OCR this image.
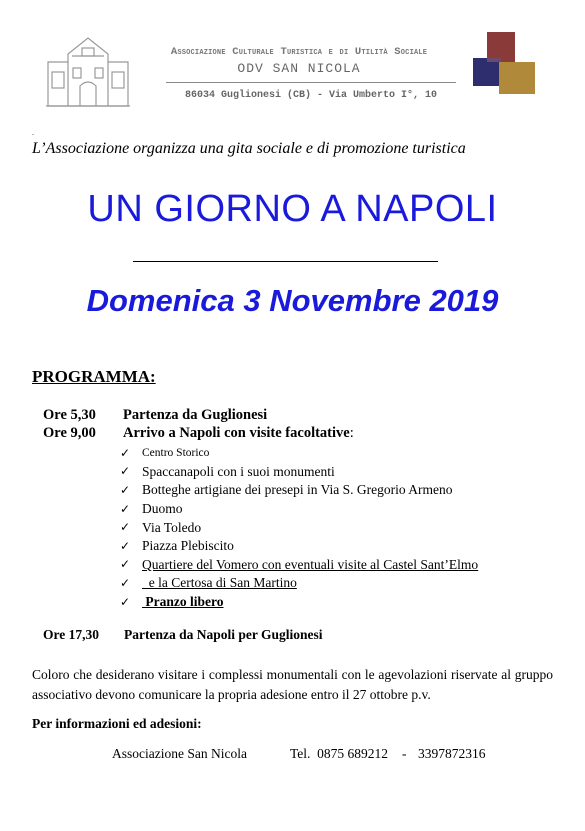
Associazione Culturale Turistica e di Utilità Sociale
ODV SAN NICOLA
86034 Guglionesi (CB) - Via Umberto I°, 10
.
L’Associazione organizza una gita sociale e di promozione turistica
UN GIORNO A NAPOLI
Domenica 3 Novembre 2019
PROGRAMMA:
Ore 5,30 Partenza da Guglionesi
Ore 9,00 Arrivo a Napoli con visite facoltative:
✓	Centro Storico
✓ Spaccanapoli con i suoi monumenti
✓ Botteghe artigiane dei presepi in Via S. Gregorio Armeno
✓ Duomo
✓ Via Toledo
✓ Piazza Plebiscito
✓ Quartiere del Vomero con eventuali visite al Castel Sant’Elmo
✓ e la Certosa di San Martino
✓ Pranzo libero
Ore 17,30 Partenza da Napoli per Guglionesi
Coloro che desiderano visitare i complessi monumentali con le agevolazioni riservate al gruppo associativo devono comunicare la propria adesione entro il 27 ottobre p.v.
Per informazioni ed adesioni:
Associazione San Nicola	Tel.  0875 689212 - 3397872316
